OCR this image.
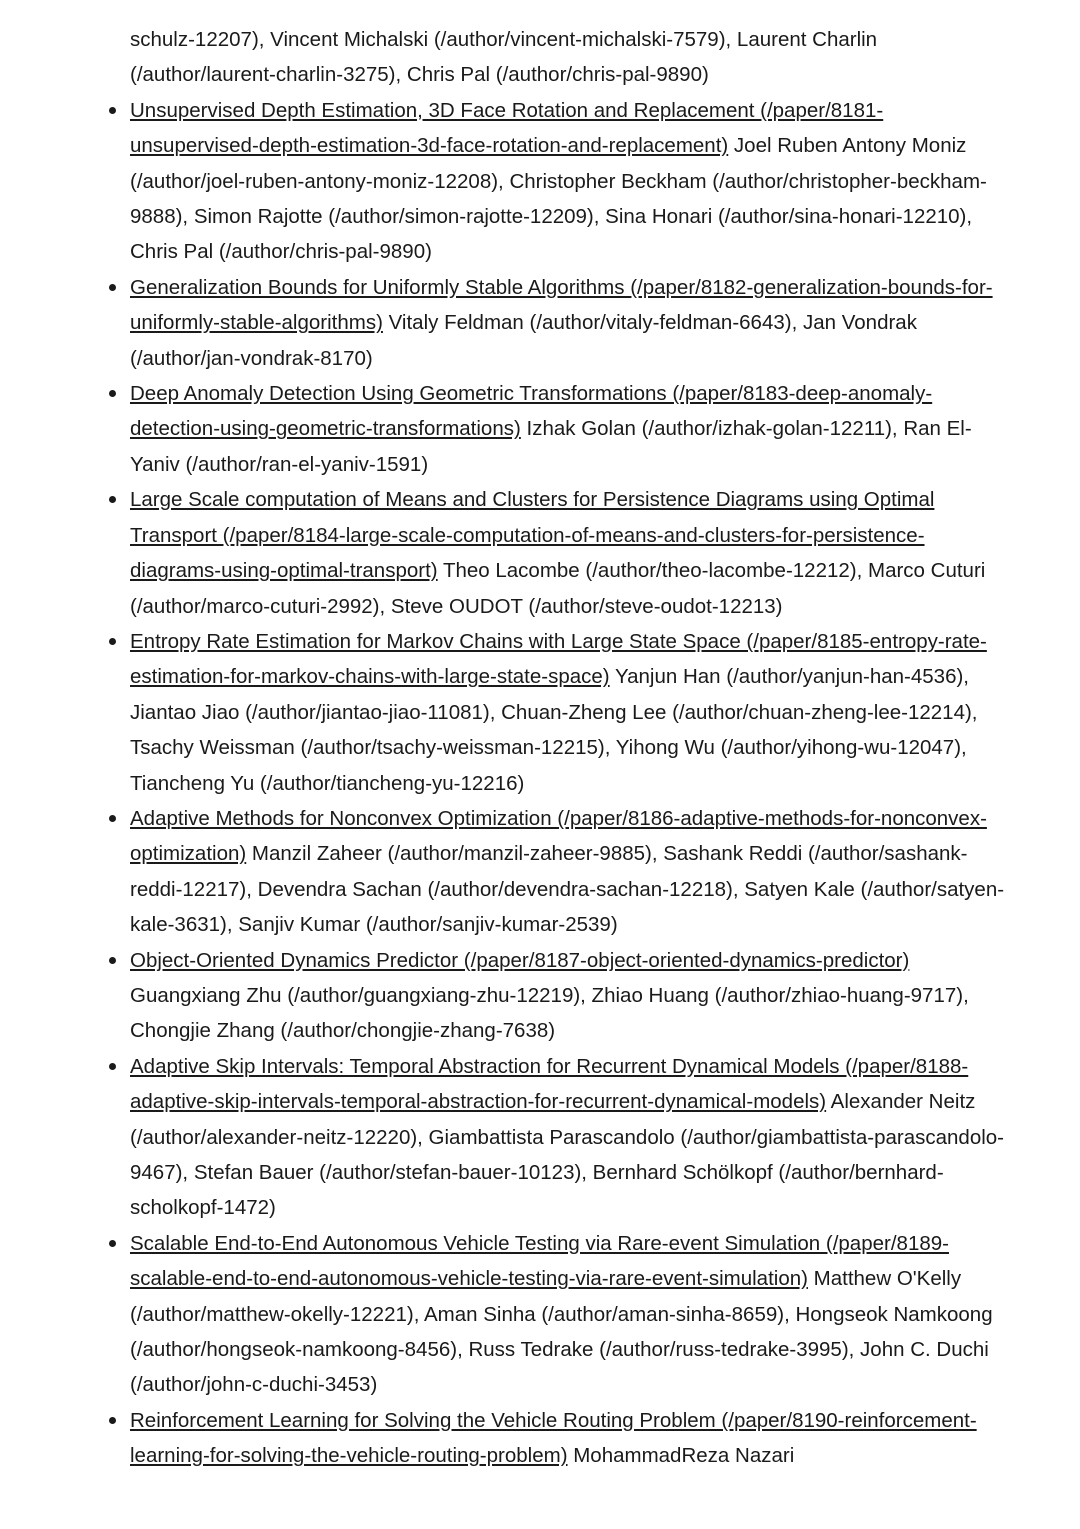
schulz-12207), Vincent Michalski (/author/vincent-michalski-7579), Laurent Charlin (/author/laurent-charlin-3275), Chris Pal (/author/chris-pal-9890)
Unsupervised Depth Estimation, 3D Face Rotation and Replacement (/paper/8181-unsupervised-depth-estimation-3d-face-rotation-and-replacement) Joel Ruben Antony Moniz (/author/joel-ruben-antony-moniz-12208), Christopher Beckham (/author/christopher-beckham-9888), Simon Rajotte (/author/simon-rajotte-12209), Sina Honari (/author/sina-honari-12210), Chris Pal (/author/chris-pal-9890)
Generalization Bounds for Uniformly Stable Algorithms (/paper/8182-generalization-bounds-for-uniformly-stable-algorithms) Vitaly Feldman (/author/vitaly-feldman-6643), Jan Vondrak (/author/jan-vondrak-8170)
Deep Anomaly Detection Using Geometric Transformations (/paper/8183-deep-anomaly-detection-using-geometric-transformations) Izhak Golan (/author/izhak-golan-12211), Ran El-Yaniv (/author/ran-el-yaniv-1591)
Large Scale computation of Means and Clusters for Persistence Diagrams using Optimal Transport (/paper/8184-large-scale-computation-of-means-and-clusters-for-persistence-diagrams-using-optimal-transport) Theo Lacombe (/author/theo-lacombe-12212), Marco Cuturi (/author/marco-cuturi-2992), Steve OUDOT (/author/steve-oudot-12213)
Entropy Rate Estimation for Markov Chains with Large State Space (/paper/8185-entropy-rate-estimation-for-markov-chains-with-large-state-space) Yanjun Han (/author/yanjun-han-4536), Jiantao Jiao (/author/jiantao-jiao-11081), Chuan-Zheng Lee (/author/chuan-zheng-lee-12214), Tsachy Weissman (/author/tsachy-weissman-12215), Yihong Wu (/author/yihong-wu-12047), Tiancheng Yu (/author/tiancheng-yu-12216)
Adaptive Methods for Nonconvex Optimization (/paper/8186-adaptive-methods-for-nonconvex-optimization) Manzil Zaheer (/author/manzil-zaheer-9885), Sashank Reddi (/author/sashank-reddi-12217), Devendra Sachan (/author/devendra-sachan-12218), Satyen Kale (/author/satyen-kale-3631), Sanjiv Kumar (/author/sanjiv-kumar-2539)
Object-Oriented Dynamics Predictor (/paper/8187-object-oriented-dynamics-predictor) Guangxiang Zhu (/author/guangxiang-zhu-12219), Zhiao Huang (/author/zhiao-huang-9717), Chongjie Zhang (/author/chongjie-zhang-7638)
Adaptive Skip Intervals: Temporal Abstraction for Recurrent Dynamical Models (/paper/8188-adaptive-skip-intervals-temporal-abstraction-for-recurrent-dynamical-models) Alexander Neitz (/author/alexander-neitz-12220), Giambattista Parascandolo (/author/giambattista-parascandolo-9467), Stefan Bauer (/author/stefan-bauer-10123), Bernhard Schölkopf (/author/bernhard-scholkopf-1472)
Scalable End-to-End Autonomous Vehicle Testing via Rare-event Simulation (/paper/8189-scalable-end-to-end-autonomous-vehicle-testing-via-rare-event-simulation) Matthew O'Kelly (/author/matthew-okelly-12221), Aman Sinha (/author/aman-sinha-8659), Hongseok Namkoong (/author/hongseok-namkoong-8456), Russ Tedrake (/author/russ-tedrake-3995), John C. Duchi (/author/john-c-duchi-3453)
Reinforcement Learning for Solving the Vehicle Routing Problem (/paper/8190-reinforcement-learning-for-solving-the-vehicle-routing-problem) MohammadReza Nazari
